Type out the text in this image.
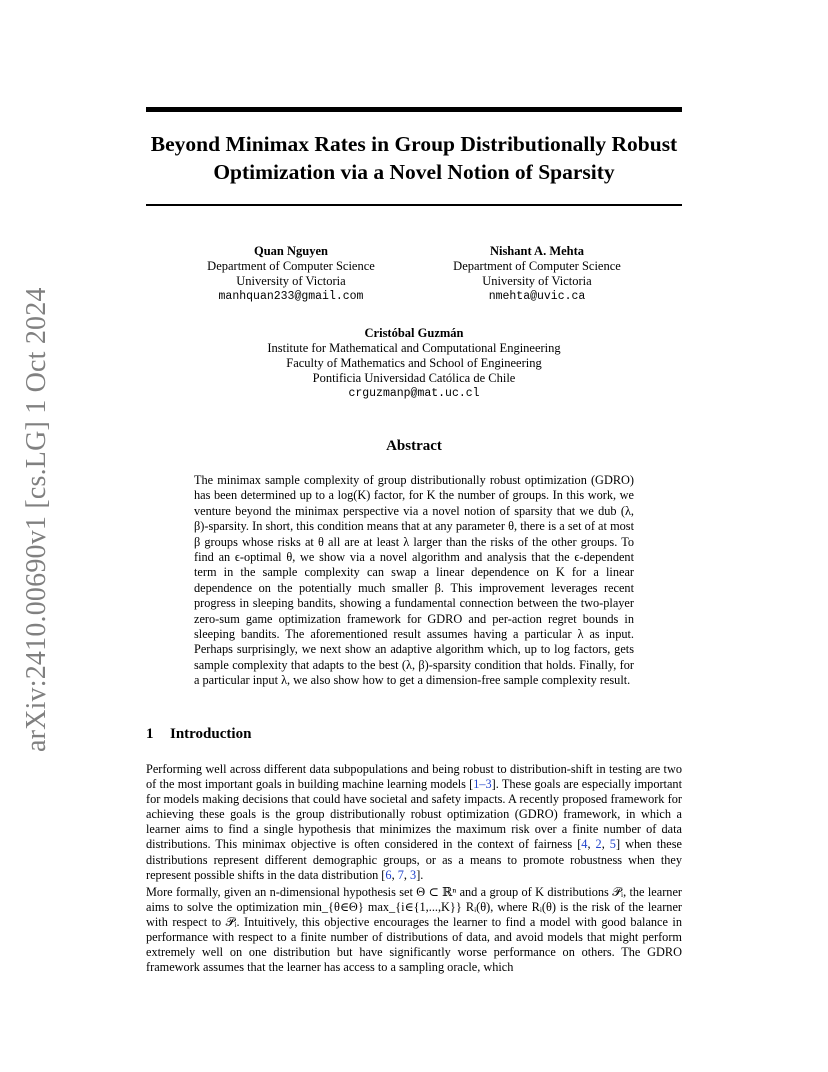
arXiv:2410.00690v1 [cs.LG] 1 Oct 2024
Beyond Minimax Rates in Group Distributionally Robust Optimization via a Novel Notion of Sparsity
Quan Nguyen
Department of Computer Science
University of Victoria
manhquan233@gmail.com
Nishant A. Mehta
Department of Computer Science
University of Victoria
nmehta@uvic.ca
Cristóbal Guzmán
Institute for Mathematical and Computational Engineering
Faculty of Mathematics and School of Engineering
Pontificia Universidad Católica de Chile
crguzmanp@mat.uc.cl
Abstract

The minimax sample complexity of group distributionally robust optimization (GDRO) has been determined up to a log(K) factor, for K the number of groups. In this work, we venture beyond the minimax perspective via a novel notion of sparsity that we dub (λ, β)-sparsity. In short, this condition means that at any parameter θ, there is a set of at most β groups whose risks at θ all are at least λ larger than the risks of the other groups. To find an ϵ-optimal θ, we show via a novel algorithm and analysis that the ϵ-dependent term in the sample complexity can swap a linear dependence on K for a linear dependence on the potentially much smaller β. This improvement leverages recent progress in sleeping bandits, showing a fundamental connection between the two-player zero-sum game optimization framework for GDRO and per-action regret bounds in sleeping bandits. The aforementioned result assumes having a particular λ as input. Perhaps surprisingly, we next show an adaptive algorithm which, up to log factors, gets sample complexity that adapts to the best (λ, β)-sparsity condition that holds. Finally, for a particular input λ, we also show how to get a dimension-free sample complexity result.

1 Introduction

Performing well across different data subpopulations and being robust to distribution-shift in testing are two of the most important goals in building machine learning models [1–3]. These goals are especially important for models making decisions that could have societal and safety impacts. A recently proposed framework for achieving these goals is the group distributionally robust optimization (GDRO) framework, in which a learner aims to find a single hypothesis that minimizes the maximum risk over a finite number of data distributions. This minimax objective is often considered in the context of fairness [4, 2, 5] when these distributions represent different demographic groups, or as a means to promote robustness when they represent possible shifts in the data distribution [6, 7, 3].

More formally, given an n-dimensional hypothesis set Θ ⊂ ℝⁿ and a group of K distributions 𝒫ᵢ, the learner aims to solve the optimization min_{θ∈Θ} max_{i∈{1,...,K}} Rᵢ(θ), where Rᵢ(θ) is the risk of the learner with respect to 𝒫ᵢ. Intuitively, this objective encourages the learner to find a model with good balance in performance with respect to a finite number of distributions of data, and avoid models that might perform extremely well on one distribution but have significantly worse performance on others. The GDRO framework assumes that the learner has access to a sampling oracle, which
